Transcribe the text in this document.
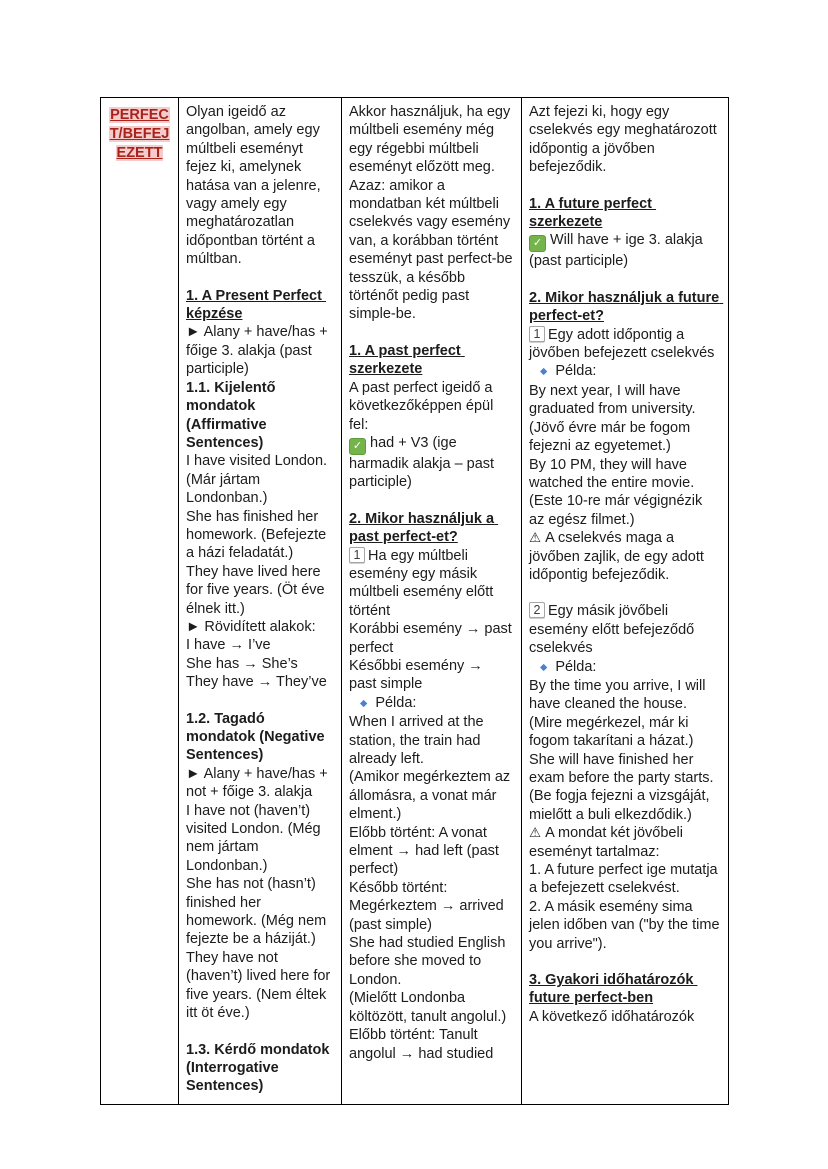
PERFEC
T/BEFEJ
EZETT

Olyan igeidő az angolban, amely egy múltbeli eseményt fejez ki, amelynek hatása van a jelenre, vagy amely egy meghatározatlan időpontban történt a múltban.
1. A Present Perfect képzése
► Alany + have/has + főige 3. alakja (past participle)
1.1. Kijelentő mondatok (Affirmative Sentences)
I have visited London. (Már jártam Londonban.)
She has finished her homework. (Befejezte a házi feladatát.)
They have lived here for five years. (Öt éve élnek itt.)
► Rövidített alakok:
I have → I’ve
She has → She’s
They have → They’ve
1.2. Tagadó mondatok (Negative Sentences)
► Alany + have/has + not + főige 3. alakja
I have not (haven’t) visited London. (Még nem jártam Londonban.)
She has not (hasn’t) finished her homework. (Még nem fejezte be a háziját.)
They have not (haven’t) lived here for five years. (Nem éltek itt öt éve.)
1.3. Kérdő mondatok (Interrogative Sentences)

Akkor használjuk, ha egy múltbeli esemény még egy régebbi múltbeli eseményt előzött meg.
Azaz: amikor a mondatban két múltbeli cselekvés vagy esemény van, a korábban történt eseményt past perfect-be tesszük, a később történőt pedig past simple-be.
1. A past perfect szerkezete
A past perfect igeidő a következőképpen épül fel:
✓ had + V3 (ige harmadik alakja – past participle)
2. Mikor használjuk a past perfect-et?
1 Ha egy múltbeli esemény egy másik múltbeli esemény előtt történt
Korábbi esemény → past perfect
Későbbi esemény → past simple
◆ Példa:
When I arrived at the station, the train had already left.
(Amikor megérkeztem az állomásra, a vonat már elment.)
Előbb történt: A vonat elment → had left (past perfect)
Később történt: Megérkeztem → arrived (past simple)
She had studied English before she moved to London.
(Mielőtt Londonba költözött, tanult angolul.)
Előbb történt: Tanult angolul → had studied

Azt fejezi ki, hogy egy cselekvés egy meghatározott időpontig a jövőben befejeződik.
1. A future perfect szerkezete
✓ Will have + ige 3. alakja (past participle)
2. Mikor használjuk a future perfect-et?
1 Egy adott időpontig a jövőben befejezett cselekvés
◆ Példa:
By next year, I will have graduated from university.
(Jövő évre már be fogom fejezni az egyetemet.)
By 10 PM, they will have watched the entire movie.
(Este 10-re már végignézik az egész filmet.)
⚠ A cselekvés maga a jövőben zajlik, de egy adott időpontig befejeződik.
2 Egy másik jövőbeli esemény előtt befejeződő cselekvés
◆ Példa:
By the time you arrive, I will have cleaned the house.
(Mire megérkezel, már ki fogom takarítani a házat.)
She will have finished her exam before the party starts.
(Be fogja fejezni a vizsgáját, mielőtt a buli elkezdődik.)
⚠ A mondat két jövőbeli eseményt tartalmaz:
1. A future perfect ige mutatja a befejezett cselekvést.
2. A másik esemény sima jelen időben van ("by the time you arrive").
3. Gyakori időhatározók future perfect-ben
A következő időhatározók
